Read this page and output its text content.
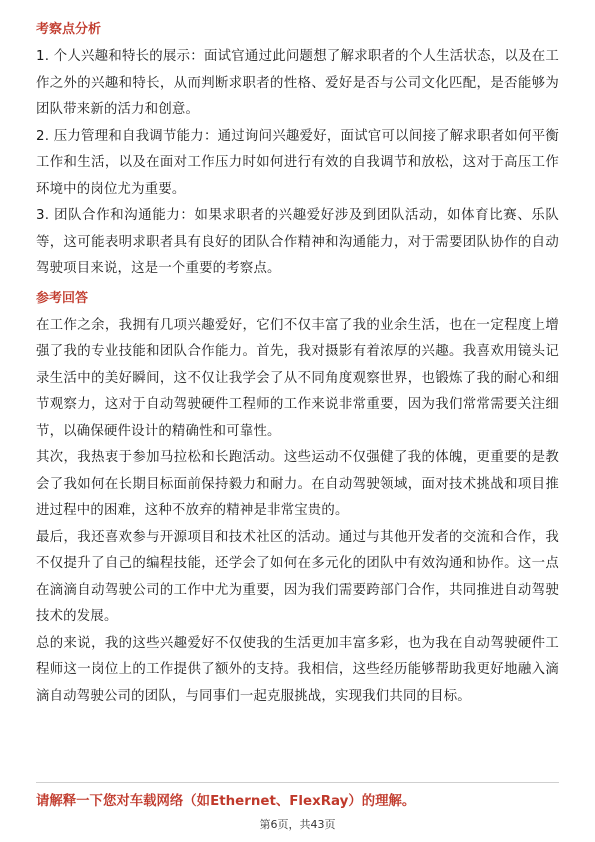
考察点分析

1. 个人兴趣和特长的展示：面试官通过此问题想了解求职者的个人生活状态，以及在工作之外的兴趣和特长，从而判断求职者的性格、爱好是否与公司文化匹配，是否能够为团队带来新的活力和创意。

2. 压力管理和自我调节能力：通过询问兴趣爱好，面试官可以间接了解求职者如何平衡工作和生活，以及在面对工作压力时如何进行有效的自我调节和放松，这对于高压工作环境中的岗位尤为重要。

3. 团队合作和沟通能力：如果求职者的兴趣爱好涉及到团队活动，如体育比赛、乐队等，这可能表明求职者具有良好的团队合作精神和沟通能力，对于需要团队协作的自动驾驶项目来说，这是一个重要的考察点。

参考回答

在工作之余，我拥有几项兴趣爱好，它们不仅丰富了我的业余生活，也在一定程度上增强了我的专业技能和团队合作能力。首先，我对摄影有着浓厚的兴趣。我喜欢用镜头记录生活中的美好瞬间，这不仅让我学会了从不同角度观察世界，也锻炼了我的耐心和细节观察力，这对于自动驾驶硬件工程师的工作来说非常重要，因为我们常常需要关注细节，以确保硬件设计的精确性和可靠性。

其次，我热衷于参加马拉松和长跑活动。这些运动不仅强健了我的体魄，更重要的是教会了我如何在长期目标面前保持毅力和耐力。在自动驾驶领域，面对技术挑战和项目推进过程中的困难，这种不放弃的精神是非常宝贵的。

最后，我还喜欢参与开源项目和技术社区的活动。通过与其他开发者的交流和合作，我不仅提升了自己的编程技能，还学会了如何在多元化的团队中有效沟通和协作。这一点在滴滴自动驾驶公司的工作中尤为重要，因为我们需要跨部门合作，共同推进自动驾驶技术的发展。

总的来说，我的这些兴趣爱好不仅使我的生活更加丰富多彩，也为我在自动驾驶硬件工程师这一岗位上的工作提供了额外的支持。我相信，这些经历能够帮助我更好地融入滴滴自动驾驶公司的团队，与同事们一起克服挑战，实现我们共同的目标。

请解释一下您对车载网络（如Ethernet、FlexRay）的理解。
第6页，共43页
